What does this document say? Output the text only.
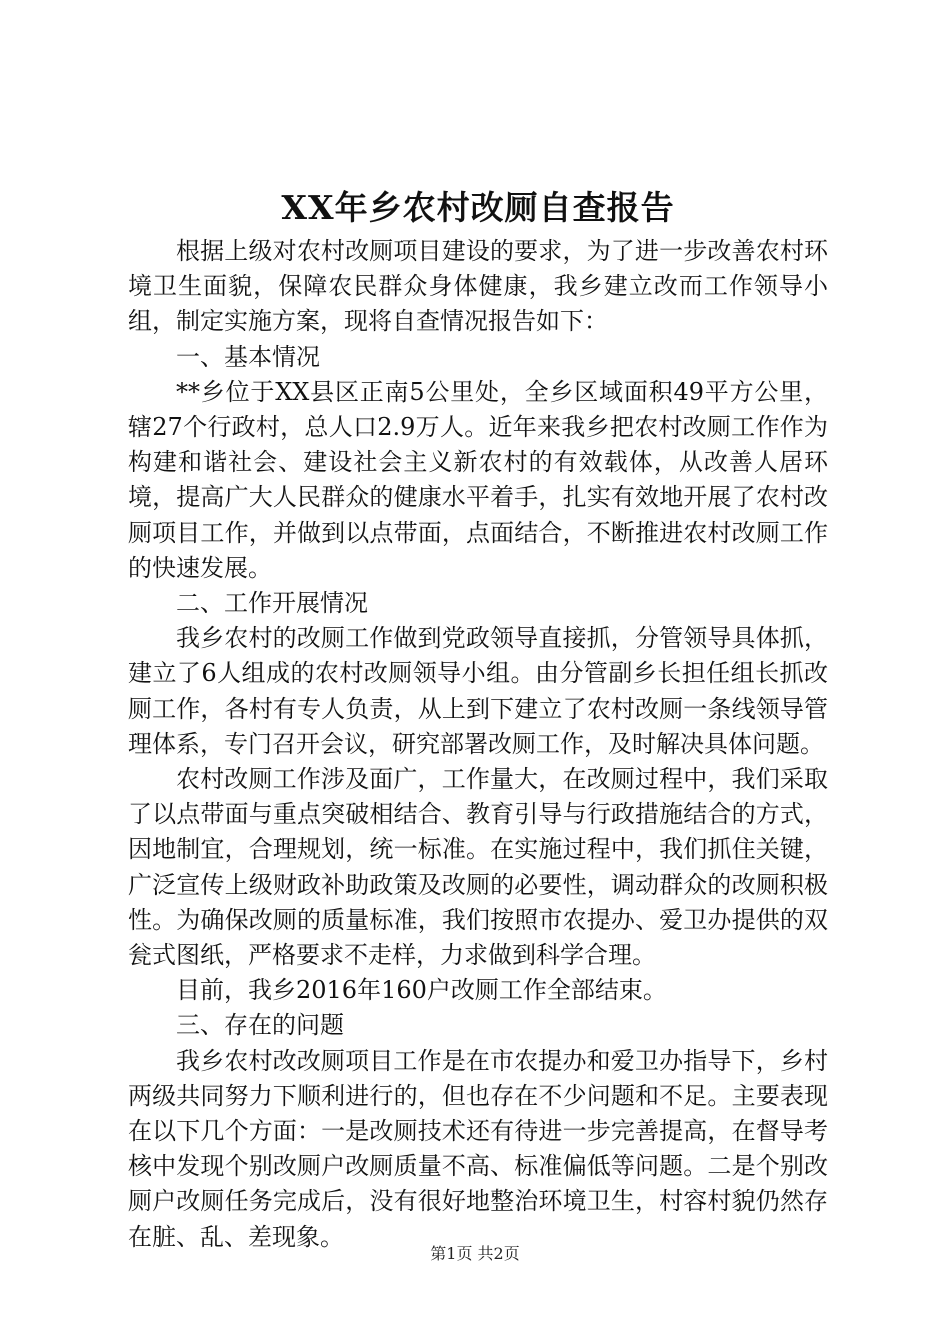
XX年乡农村改厕自查报告

根据上级对农村改厕项目建设的要求，为了进一步改善农村环境卫生面貌，保障农民群众身体健康，我乡建立改而工作领导小组，制定实施方案，现将自查情况报告如下：

一、基本情况

**乡位于XX县区正南5公里处，全乡区域面积49平方公里，辖27个行政村，总人口2.9万人。近年来我乡把农村改厕工作作为构建和谐社会、建设社会主义新农村的有效载体，从改善人居环境，提高广大人民群众的健康水平着手，扎实有效地开展了农村改厕项目工作，并做到以点带面，点面结合，不断推进农村改厕工作的快速发展。

二、工作开展情况

我乡农村的改厕工作做到党政领导直接抓，分管领导具体抓，建立了6人组成的农村改厕领导小组。由分管副乡长担任组长抓改厕工作，各村有专人负责，从上到下建立了农村改厕一条线领导管理体系，专门召开会议，研究部署改厕工作，及时解决具体问题。

农村改厕工作涉及面广，工作量大，在改厕过程中，我们采取了以点带面与重点突破相结合、教育引导与行政措施结合的方式，因地制宜，合理规划，统一标准。在实施过程中，我们抓住关键，广泛宣传上级财政补助政策及改厕的必要性，调动群众的改厕积极性。为确保改厕的质量标准，我们按照市农提办、爱卫办提供的双瓮式图纸，严格要求不走样，力求做到科学合理。

目前，我乡2016年160户改厕工作全部结束。

三、存在的问题

我乡农村改改厕项目工作是在市农提办和爱卫办指导下，乡村两级共同努力下顺利进行的，但也存在不少问题和不足。主要表现在以下几个方面：一是改厕技术还有待进一步完善提高，在督导考核中发现个别改厕户改厕质量不高、标准偏低等问题。二是个别改厕户改厕任务完成后，没有很好地整治环境卫生，村容村貌仍然存在脏、乱、差现象。

第1页 共2页
